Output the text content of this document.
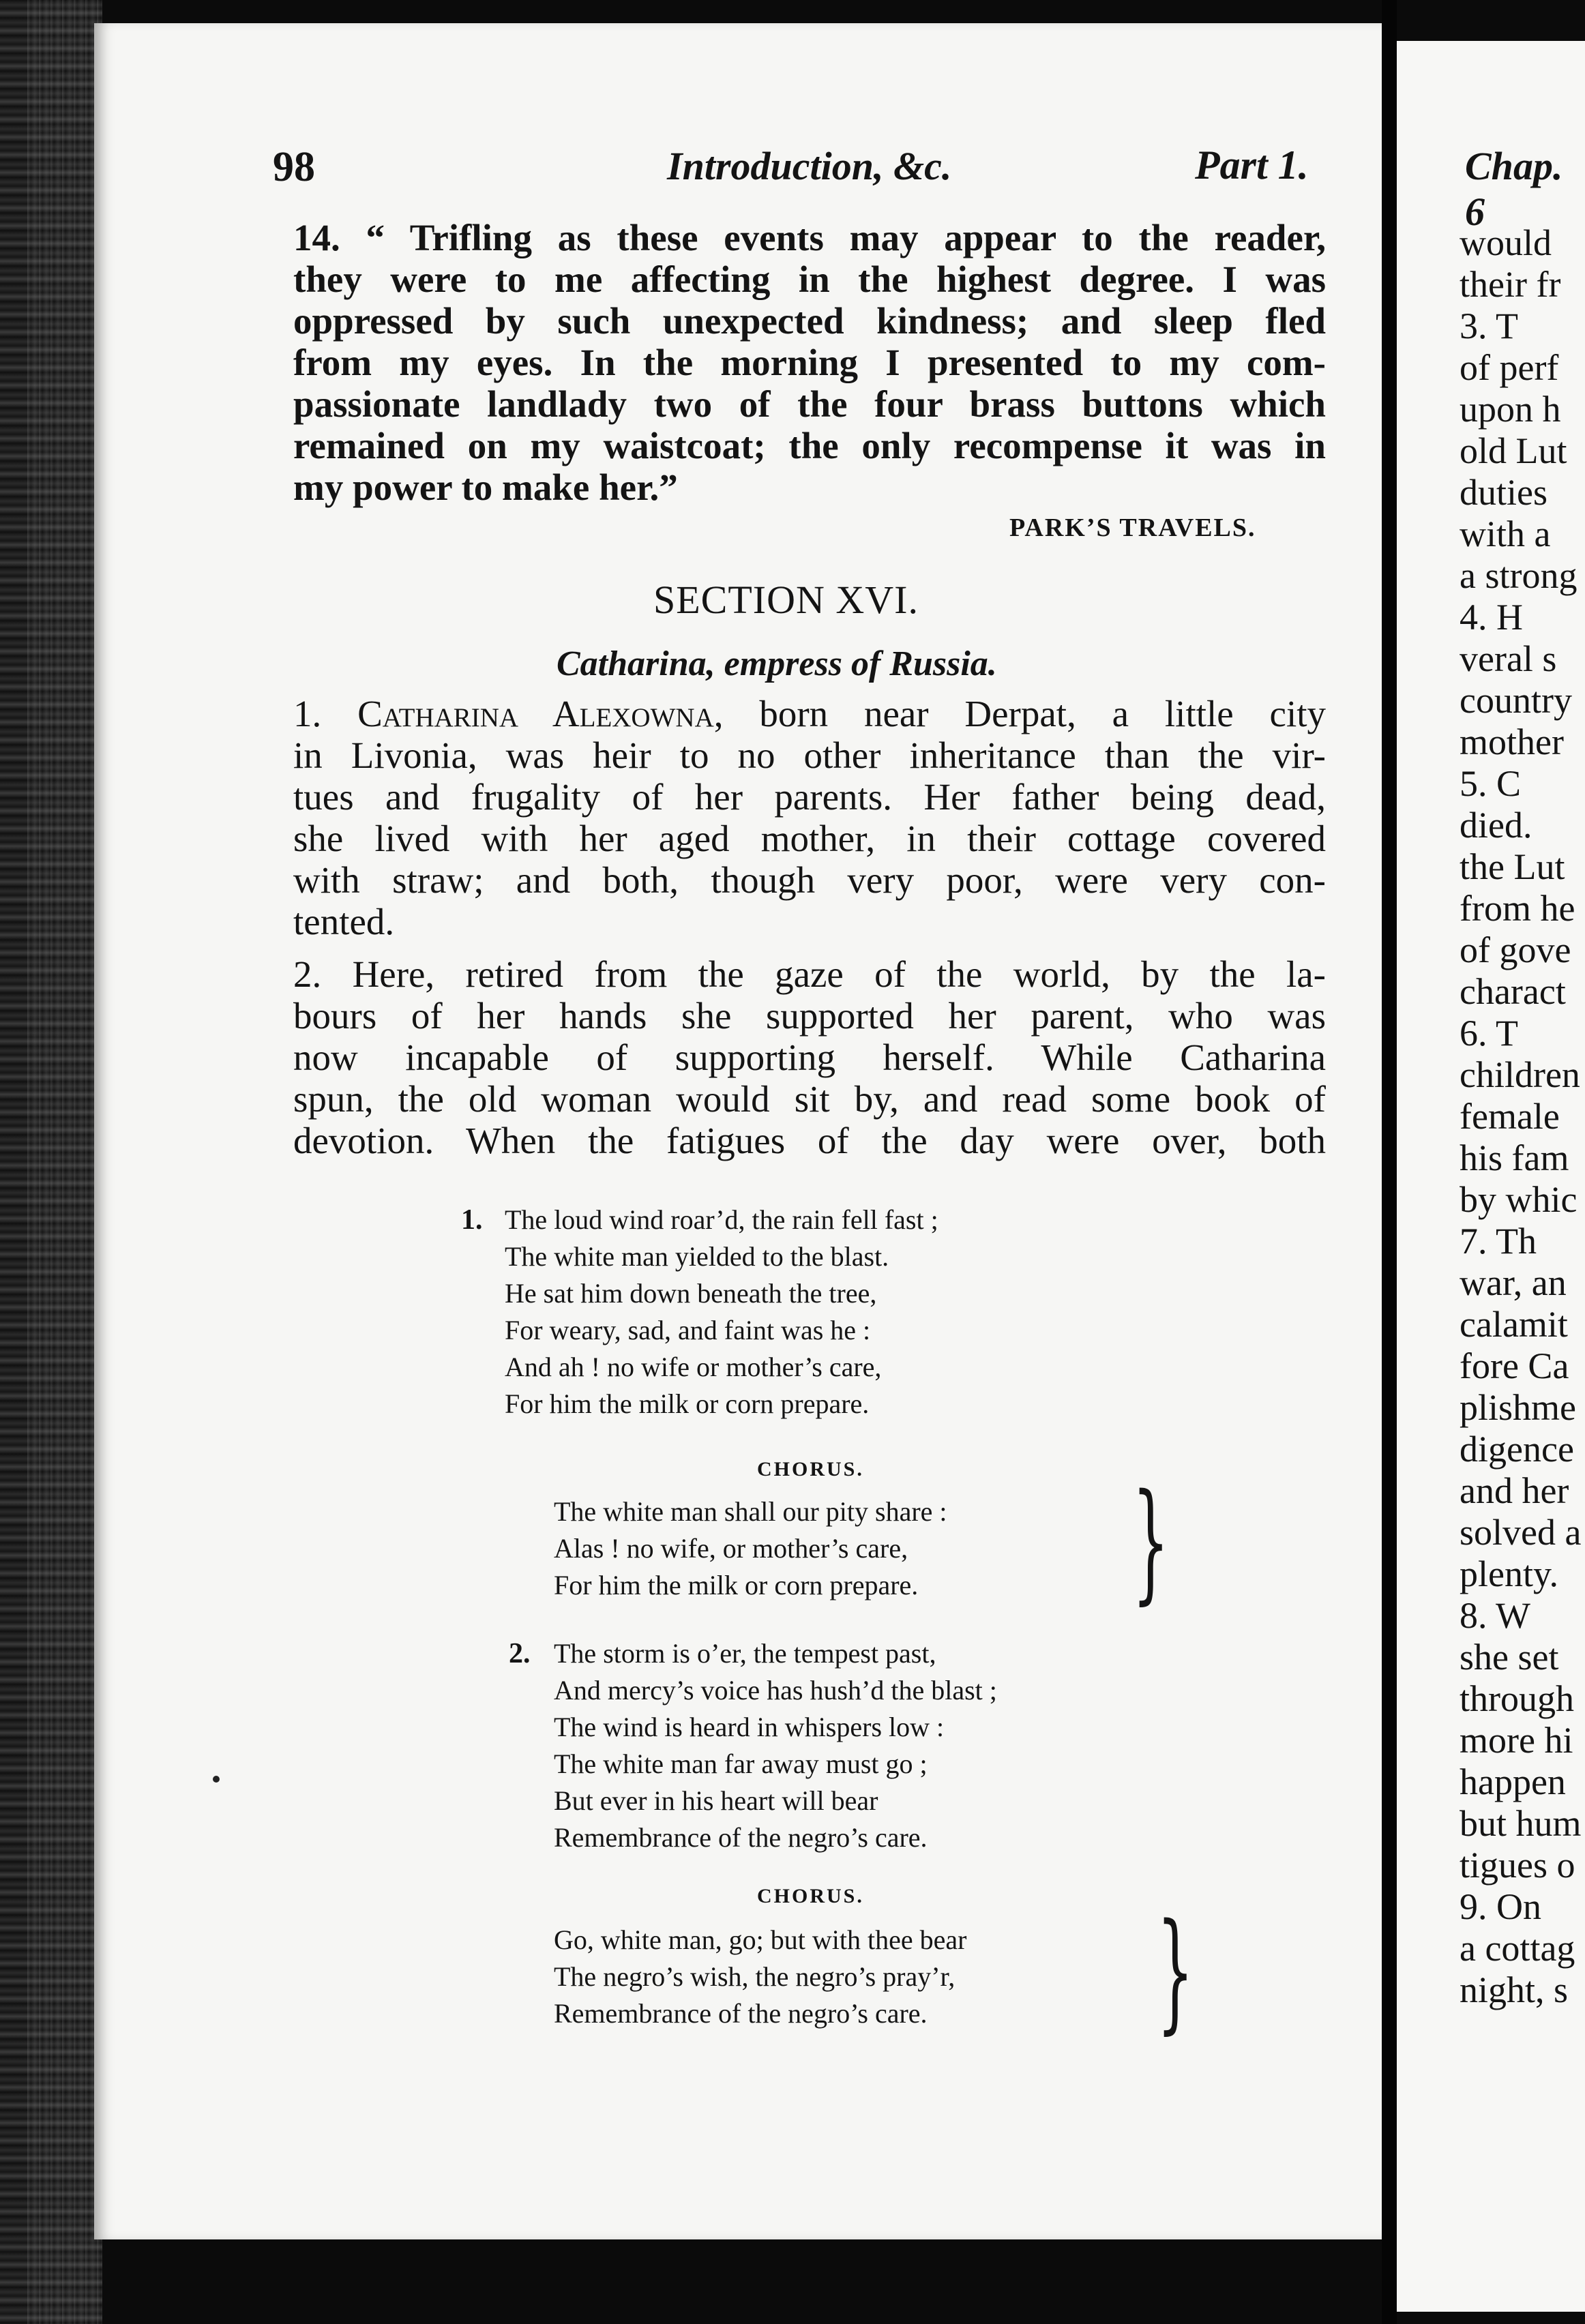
98	Introduction, &c.	Part 1.
14. “ Trifling as these events may appear to the reader,
they were to me affecting in the highest degree. I was
oppressed by such unexpected kindness; and sleep fled
from my eyes. In the morning I presented to my com-
passionate landlady two of the four brass buttons which
remained on my waistcoat; the only recompense it was in
my power to make her.”
PARK’S TRAVELS.
SECTION XVI.
Catharina, empress of Russia.
1. Catharina Alexowna, born near Derpat, a little city
in Livonia, was heir to no other inheritance than the vir-
tues and frugality of her parents. Her father being dead,
she lived with her aged mother, in their cottage covered
with straw; and both, though very poor, were very con-
tented.
2. Here, retired from the gaze of the world, by the la-
bours of her hands she supported her parent, who was
now incapable of supporting herself. While Catharina
spun, the old woman would sit by, and read some book of
devotion. When the fatigues of the day were over, both
1. The loud wind roar’d, the rain fell fast ;
The white man yielded to the blast.
He sat him down beneath the tree,
For weary, sad, and faint was he :
And ah ! no wife or mother’s care,
For him the milk or corn prepare.
CHORUS.
The white man shall our pity share :
Alas ! no wife, or mother’s care,
For him the milk or corn prepare. }
2. The storm is o’er, the tempest past,
And mercy’s voice has hush’d the blast ;
The wind is heard in whispers low :
The white man far away must go ;
But ever in his heart will bear
Remembrance of the negro’s care.
CHORUS.
Go, white man, go; but with thee bear
The negro’s wish, the negro’s pray’r,
Remembrance of the negro’s care.	}
Chap. 6
would
their fr
3. T
of perf
upon h
old Lut
duties
with a
a strong
4. H
veral s
country
mother
5. C
died.
the Lut
from he
of gove
charact
6. T
children
female
his fam
by whic
7. Th
war, an
calamit
fore Ca
plishme
digence
and her
solved a
plenty.
8. W
she set
through
more hi
happen
but hum
tigues o
9. On
a cottag
night, s
